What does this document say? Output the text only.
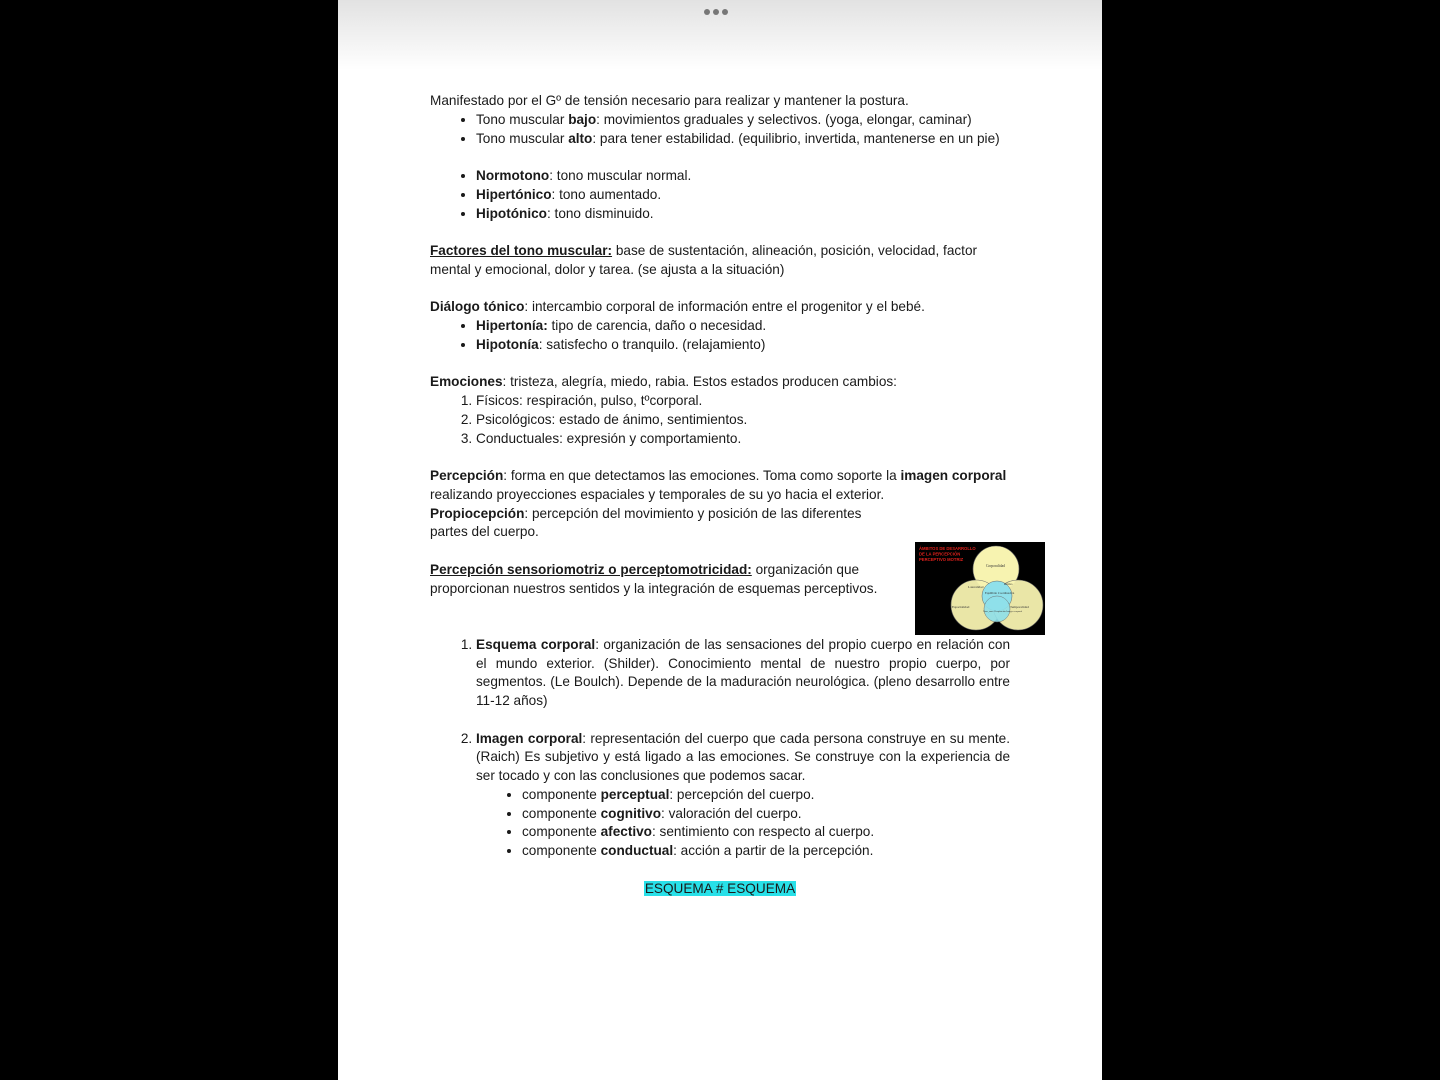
Manifestado por el Gº de tensión necesario para realizar y mantener la postura.

• Tono muscular bajo: movimientos graduales y selectivos. (yoga, elongar, caminar)
• Tono muscular alto: para tener estabilidad. (equilibrio, invertida, mantenerse en un pie)
• Normotono: tono muscular normal.
• Hipertónico: tono aumentado.
• Hipotónico: tono disminuido.

Factores del tono muscular: base de sustentación, alineación, posición, velocidad, factor mental y emocional, dolor y tarea. (se ajusta a la situación)

Diálogo tónico: intercambio corporal de información entre el progenitor y el bebé.

• Hipertonía: tipo de carencia, daño o necesidad.
• Hipotonía: satisfecho o tranquilo. (relajamiento)

Emociones: tristeza, alegría, miedo, rabia. Estos estados producen cambios:

1. Físicos: respiración, pulso, tºcorporal.
2. Psicológicos: estado de ánimo, sentimientos.
3. Conductuales: expresión y comportamiento.

Percepción: forma en que detectamos las emociones. Toma como soporte la imagen corporal realizando proyecciones espaciales y temporales de su yo hacia el exterior.

Propiocepción: percepción del movimiento y posición de las diferentes partes del cuerpo.

Percepción sensoriomotriz o perceptomotricidad: organización que proporcionan nuestros sentidos y la integración de esquemas perceptivos.

1. Esquema corporal: organización de las sensaciones del propio cuerpo en relación con el mundo exterior. (Shilder). Conocimiento mental de nuestro propio cuerpo, por segmentos. (Le Boulch). Depende de la maduración neurológica. (pleno desarrollo entre 11-12 años)
2. Imagen corporal: representación del cuerpo que cada persona construye en su mente. (Raich) Es subjetivo y está ligado a las emociones. Se construye con la experiencia de ser tocado y con las conclusiones que podemos sacar.
• componente perceptual: percepción del cuerpo.
• componente cognitivo: valoración del cuerpo.
• componente afectivo: sentimiento con respecto al cuerpo.
• componente conductual: acción a partir de la percepción.
ESQUEMA # ESQUEMA
ÁMBITOS DE DESARROLLO
DE LA PERCEPCIÓN
PERCEPTIVO MOTRIZ
Corporalidad
Lateralidad
Ritmo
Equilibrio Coordinación
Espacialidad	Temporalidad
Tono, mov. Respiración Imagen corporal
